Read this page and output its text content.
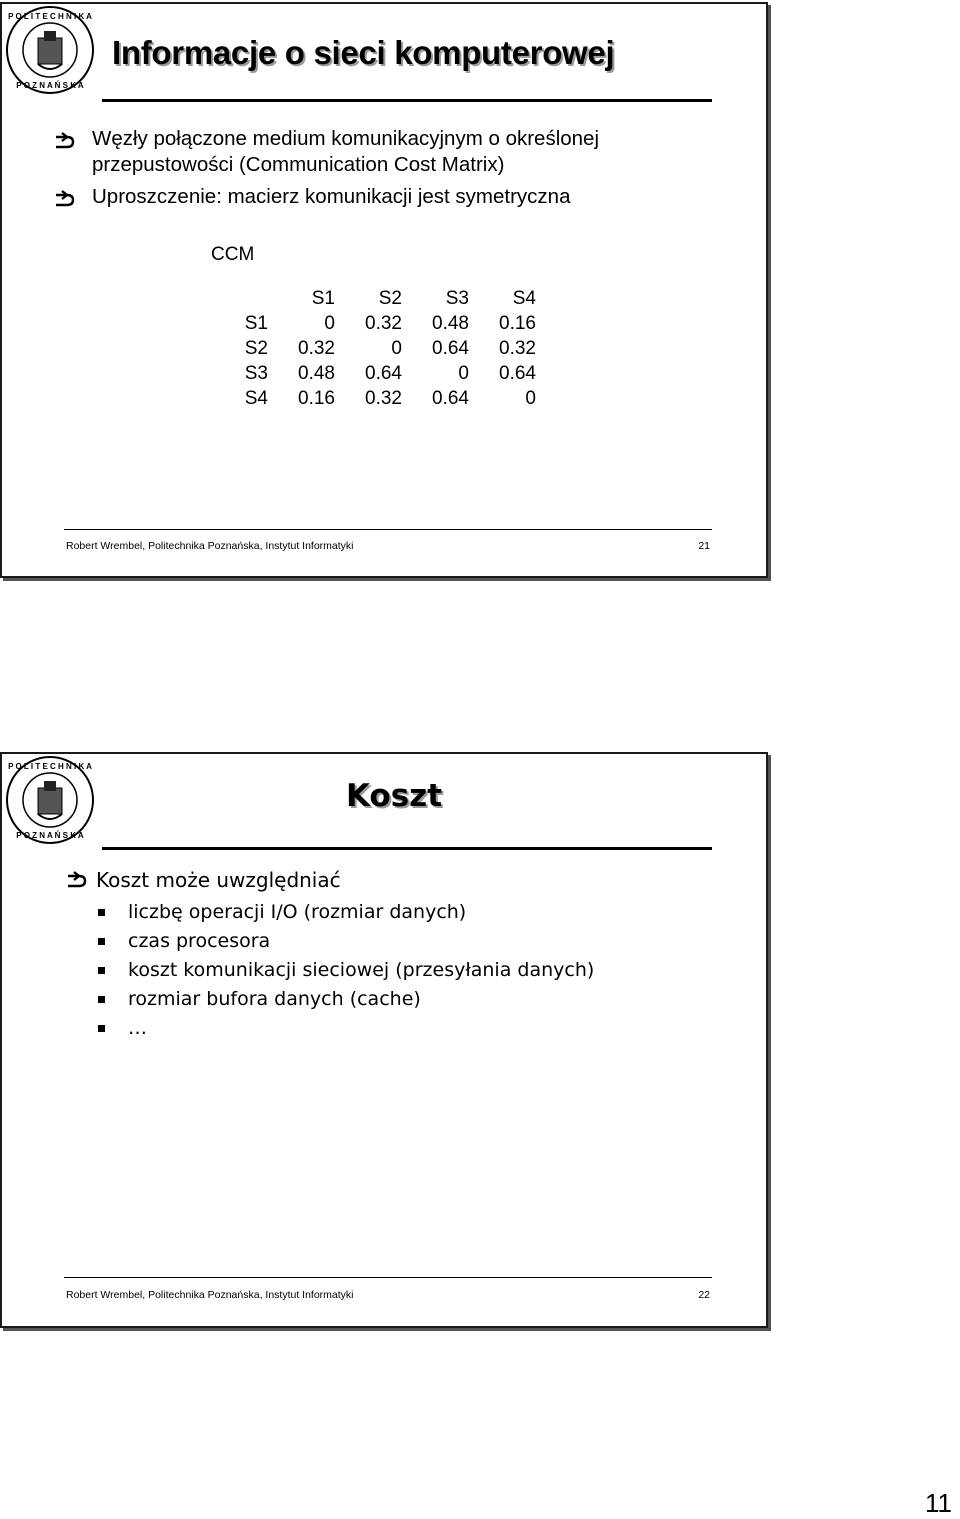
P O L I T E C H N I K A
P O Z N A Ń S K A
Informacje o sieci komputerowej
Węzły połączone medium komunikacyjnym o określonej
przepustowości (Communication Cost Matrix)
Uproszczenie: macierz komunikacji jest symetryczna
CCM
	S1	S2	S3	S4
S1	0	0.32	0.48	0.16
S2	0.32	0	0.64	0.32
S3	0.48	0.64	0	0.64
S4	0.16	0.32	0.64	0
Robert Wrembel, Politechnika Poznańska, Instytut Informatyki	21
P O L I T E C H N I K A
P O Z N A Ń S K A
Robert Wrembel, Politechnika Poznańska, Instytut Informatyki	22
Koszt
Koszt może uwzględniać
liczbę operacji I/O (rozmiar danych)
czas procesora
koszt komunikacji sieciowej (przesyłania danych)
rozmiar bufora danych (cache)
…
11
